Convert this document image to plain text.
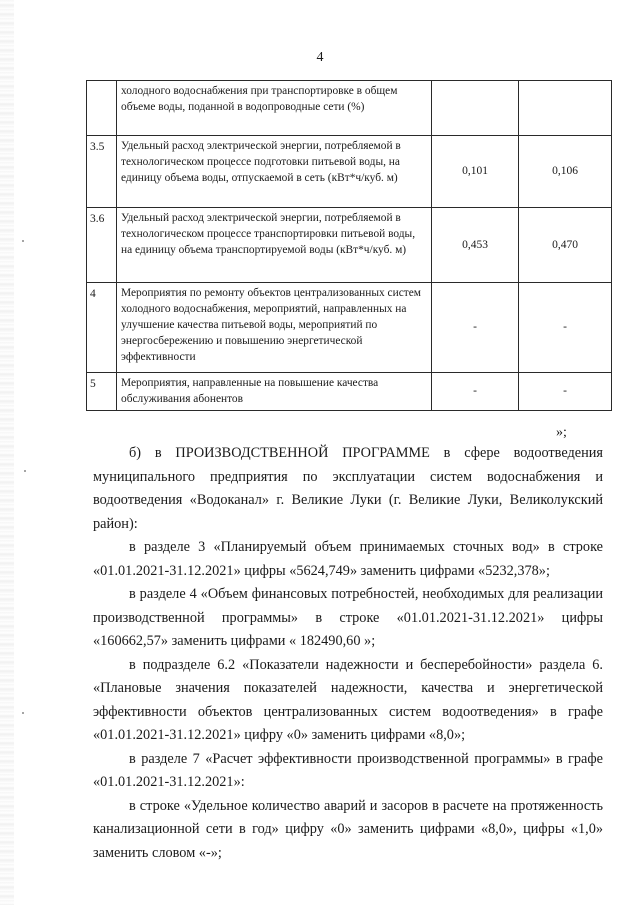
4
	холодного водоснабжения при транспортировке в общем объеме воды, поданной в водопроводные сети (%)		
3.5	Удельный расход электрической энергии, потребляемой в технологическом процессе подготовки питьевой воды, на единицу объема воды, отпускаемой в сеть (кВт*ч/куб. м)	0,101	0,106
3.6	Удельный расход электрической энергии, потребляемой в технологическом процессе транспортировки питьевой воды, на единицу объема транспортируемой воды (кВт*ч/куб. м)	0,453	0,470
4	Мероприятия по ремонту объектов централизованных систем холодного водоснабжения, мероприятий, направленных на улучшение качества питьевой воды, мероприятий по энергосбережению и повышению энергетической эффективности	-	-
5	Мероприятия, направленные на повышение качества обслуживания абонентов	-	-
»;

б) в ПРОИЗВОДСТВЕННОЙ ПРОГРАММЕ в сфере водоотведения муниципального предприятия по эксплуатации систем водоснабжения и водоотведения «Водоканал» г. Великие Луки (г. Великие Луки, Великолукский район):

в разделе 3 «Планируемый объем принимаемых сточных вод» в строке «01.01.2021-31.12.2021» цифры «5624,749» заменить цифрами «5232,378»;

в разделе 4 «Объем финансовых потребностей, необходимых для реализации производственной программы» в строке «01.01.2021-31.12.2021» цифры «160662,57» заменить цифрами « 182490,60 »;

в подразделе 6.2 «Показатели надежности и бесперебойности» раздела 6. «Плановые значения показателей надежности, качества и энергетической эффективности объектов централизованных систем водоотведения» в графе «01.01.2021-31.12.2021» цифру «0» заменить цифрами «8,0»;

в разделе 7 «Расчет эффективности производственной программы» в графе «01.01.2021-31.12.2021»:

в строке «Удельное количество аварий и засоров в расчете на протяженность канализационной сети в год» цифру «0» заменить цифрами «8,0», цифры «1,0» заменить словом «-»;
